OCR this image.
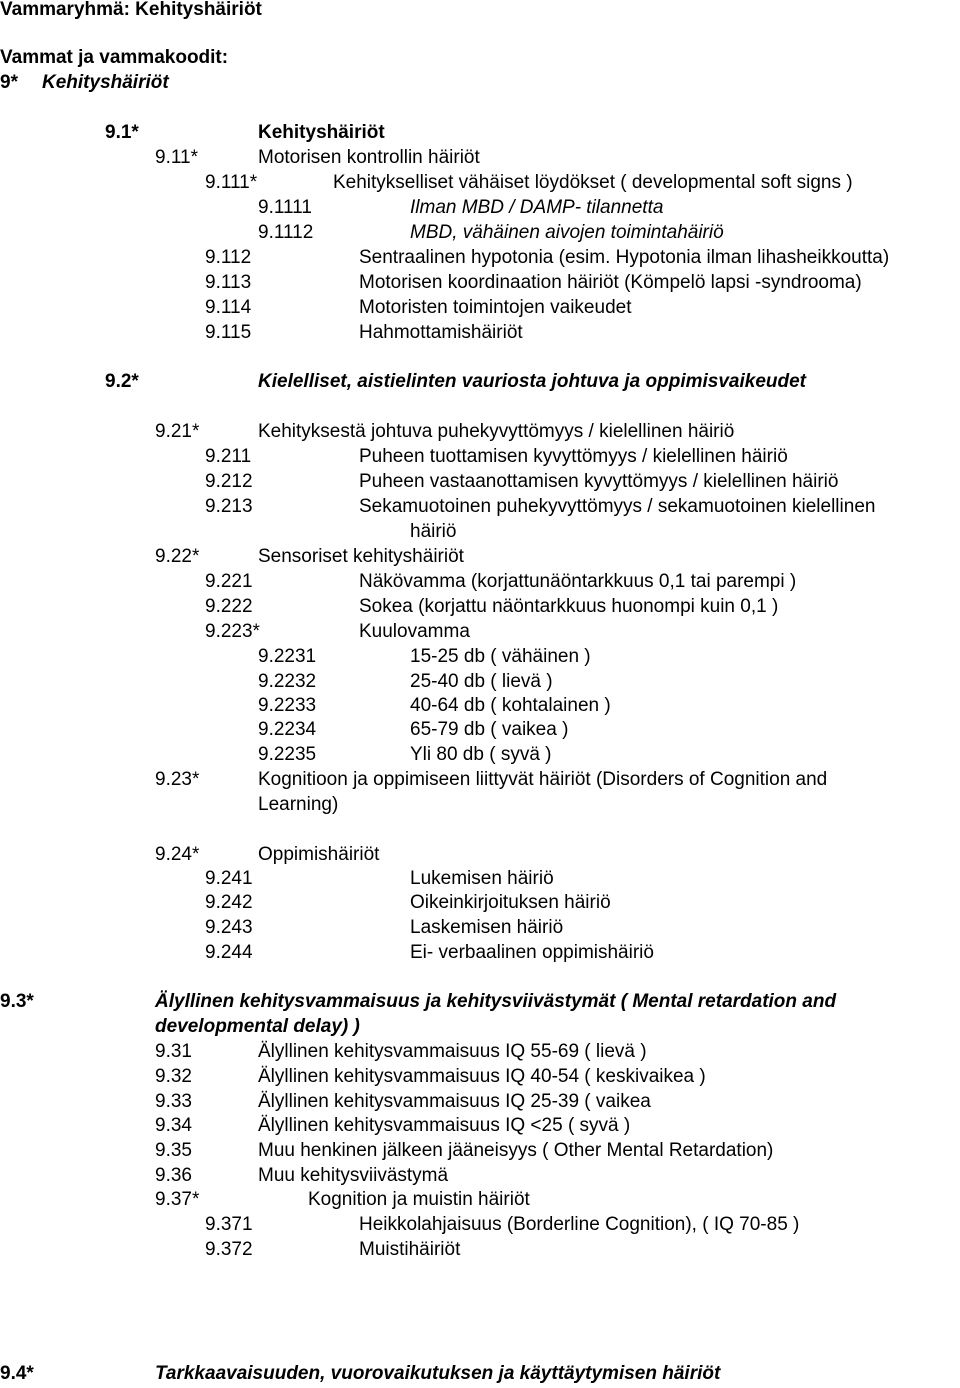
Vammaryhmä: Kehityshäiriöt
Vammat ja vammakoodit:
9* Kehityshäiriöt
9.1*	Kehityshäiriöt
9.11*	Motorisen kontrollin häiriöt
9.111*	Kehitykselliset vähäiset löydökset ( developmental soft signs )
9.1111	Ilman MBD / DAMP- tilannetta
9.1112	MBD, vähäinen aivojen toimintahäiriö
9.112	Sentraalinen hypotonia (esim. Hypotonia ilman lihasheikkoutta)
9.113	Motorisen koordinaation häiriöt (Kömpelö lapsi -syndrooma)
9.114	Motoristen toimintojen vaikeudet
9.115	Hahmottamishäiriöt
9.2*	Kielelliset, aistielinten vauriosta johtuva ja oppimisvaikeudet
9.21*	Kehityksestä johtuva puhekyvyttömyys / kielellinen häiriö
9.211	Puheen tuottamisen kyvyttömyys / kielellinen häiriö
9.212	Puheen vastaanottamisen kyvyttömyys / kielellinen häiriö
9.213	Sekamuotoinen puhekyvyttömyys / sekamuotoinen kielellinen
häiriö
9.22*	Sensoriset kehityshäiriöt
9.221	Näkövamma (korjattunäöntarkkuus 0,1 tai parempi )
9.222	Sokea (korjattu näöntarkkuus huonompi kuin 0,1 )
9.223*	Kuulovamma
9.2231	15-25 db ( vähäinen )
9.2232	25-40 db ( lievä )
9.2233	40-64 db ( kohtalainen )
9.2234	65-79 db ( vaikea )
9.2235	Yli 80 db ( syvä )
9.23*	Kognitioon ja oppimiseen liittyvät häiriöt (Disorders of Cognition and
Learning)
9.24*	Oppimishäiriöt
9.241	Lukemisen häiriö
9.242	Oikeinkirjoituksen häiriö
9.243	Laskemisen häiriö
9.244	Ei- verbaalinen oppimishäiriö
9.3*	Älyllinen kehitysvammaisuus ja kehitysviivästymät ( Mental retardation and
developmental delay) )
9.31	Älyllinen kehitysvammaisuus IQ 55-69 ( lievä )
9.32	Älyllinen kehitysvammaisuus IQ 40-54 ( keskivaikea )
9.33	Älyllinen kehitysvammaisuus IQ 25-39 ( vaikea
9.34	Älyllinen kehitysvammaisuus IQ <25 ( syvä )
9.35	Muu henkinen jälkeen jääneisyys ( Other Mental Retardation)
9.36	Muu kehitysviivästymä
9.37*	Kognition ja muistin häiriöt
9.371	Heikkolahjaisuus (Borderline Cognition), ( IQ 70-85 )
9.372	Muistihäiriöt
9.4*	Tarkkaavaisuuden, vuorovaikutuksen ja käyttäytymisen häiriöt
